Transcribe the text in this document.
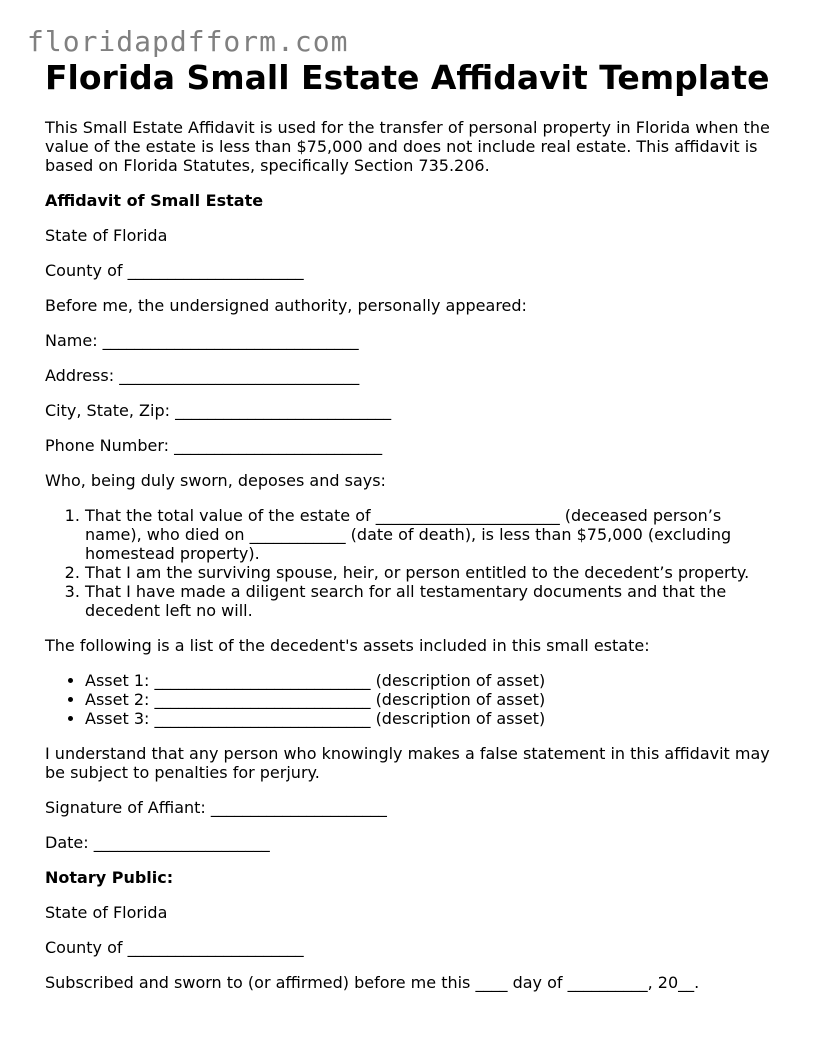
floridapdfform.com
Florida Small Estate Affidavit Template

This Small Estate Affidavit is used for the transfer of personal property in Florida when the value of the estate is less than $75,000 and does not include real estate. This affidavit is based on Florida Statutes, specifically Section 735.206.

Affidavit of Small Estate

State of Florida

County of ______________________

Before me, the undersigned authority, personally appeared:

Name: ________________________________

Address: ______________________________

City, State, Zip: ___________________________

Phone Number: __________________________

Who, being duly sworn, deposes and says:

1. That the total value of the estate of _______________________ (deceased person’s name), who died on ____________ (date of death), is less than $75,000 (excluding homestead property).
2. That I am the surviving spouse, heir, or person entitled to the decedent’s property.
3. That I have made a diligent search for all testamentary documents and that the decedent left no will.

The following is a list of the decedent's assets included in this small estate:

• Asset 1: ___________________________ (description of asset)
• Asset 2: ___________________________ (description of asset)
• Asset 3: ___________________________ (description of asset)

I understand that any person who knowingly makes a false statement in this affidavit may be subject to penalties for perjury.

Signature of Affiant: ______________________

Date: ______________________

Notary Public:

State of Florida

County of ______________________

Subscribed and sworn to (or affirmed) before me this ____ day of __________, 20__.
